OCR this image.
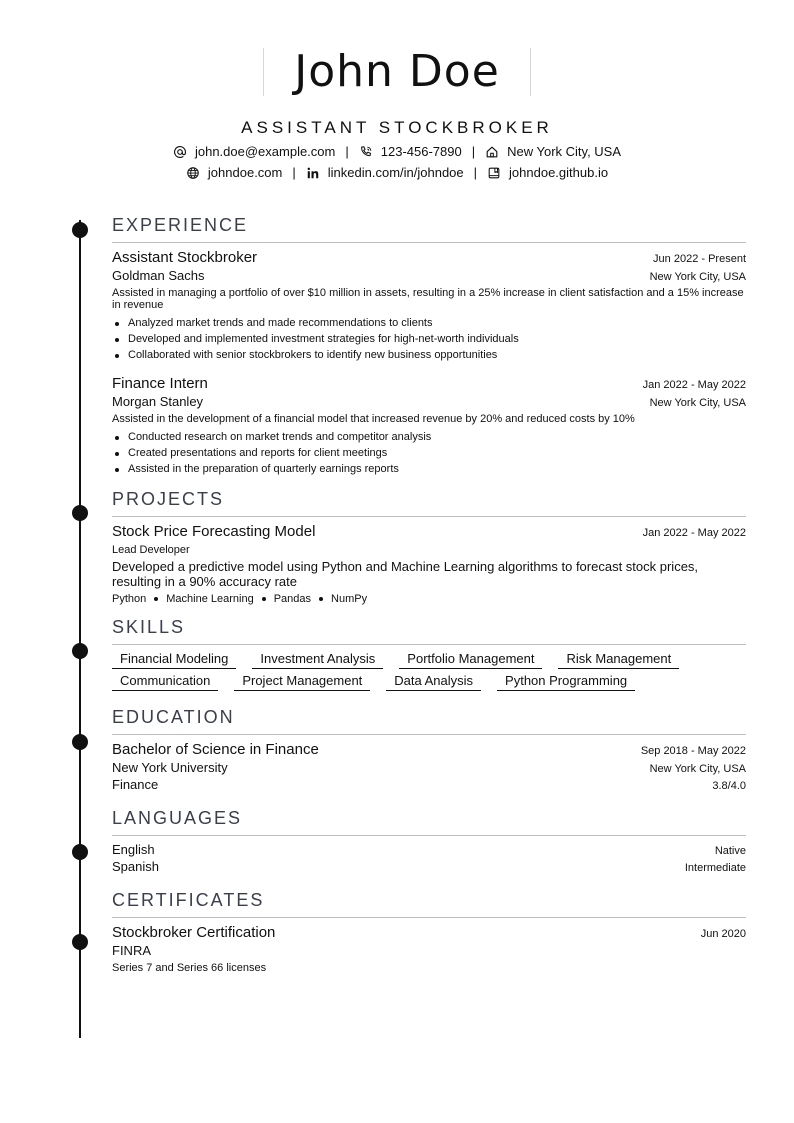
John Doe
ASSISTANT STOCKBROKER
john.doe@example.com | 123-456-7890 | New York City, USA
johndoe.com | linkedin.com/in/johndoe | johndoe.github.io
EXPERIENCE
Assistant Stockbroker	Jun 2022 - Present
Goldman Sachs	New York City, USA
Assisted in managing a portfolio of over $10 million in assets, resulting in a 25% increase in client satisfaction and a 15% increase in revenue
Analyzed market trends and made recommendations to clients
Developed and implemented investment strategies for high-net-worth individuals
Collaborated with senior stockbrokers to identify new business opportunities
Finance Intern	Jan 2022 - May 2022
Morgan Stanley	New York City, USA
Assisted in the development of a financial model that increased revenue by 20% and reduced costs by 10%
Conducted research on market trends and competitor analysis
Created presentations and reports for client meetings
Assisted in the preparation of quarterly earnings reports
PROJECTS
Stock Price Forecasting Model	Jan 2022 - May 2022
Lead Developer
Developed a predictive model using Python and Machine Learning algorithms to forecast stock prices, resulting in a 90% accuracy rate
Python Machine Learning Pandas NumPy
SKILLS
Financial Modeling	Investment Analysis	Portfolio Management	Risk Management
Communication	Project Management	Data Analysis	Python Programming
EDUCATION
Bachelor of Science in Finance	Sep 2018 - May 2022
New York University	New York City, USA
Finance	3.8/4.0
LANGUAGES
English	Native
Spanish	Intermediate
CERTIFICATES
Stockbroker Certification	Jun 2020
FINRA
Series 7 and Series 66 licenses
